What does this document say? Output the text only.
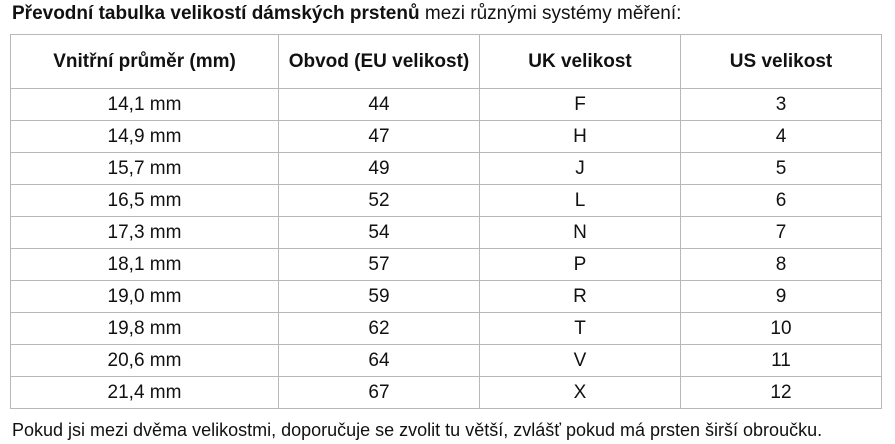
Převodní tabulka velikostí dámských prstenů mezi různými systémy měření:
Vnitřní průměr (mm)	Obvod (EU velikost)	UK velikost	US velikost
14,1 mm	44	F	3
14,9 mm	47	H	4
15,7 mm	49	J	5
16,5 mm	52	L	6
17,3 mm	54	N	7
18,1 mm	57	P	8
19,0 mm	59	R	9
19,8 mm	62	T	10
20,6 mm	64	V	11
21,4 mm	67	X	12
Pokud jsi mezi dvěma velikostmi, doporučuje se zvolit tu větší, zvlášť pokud má prsten širší obroučku.
